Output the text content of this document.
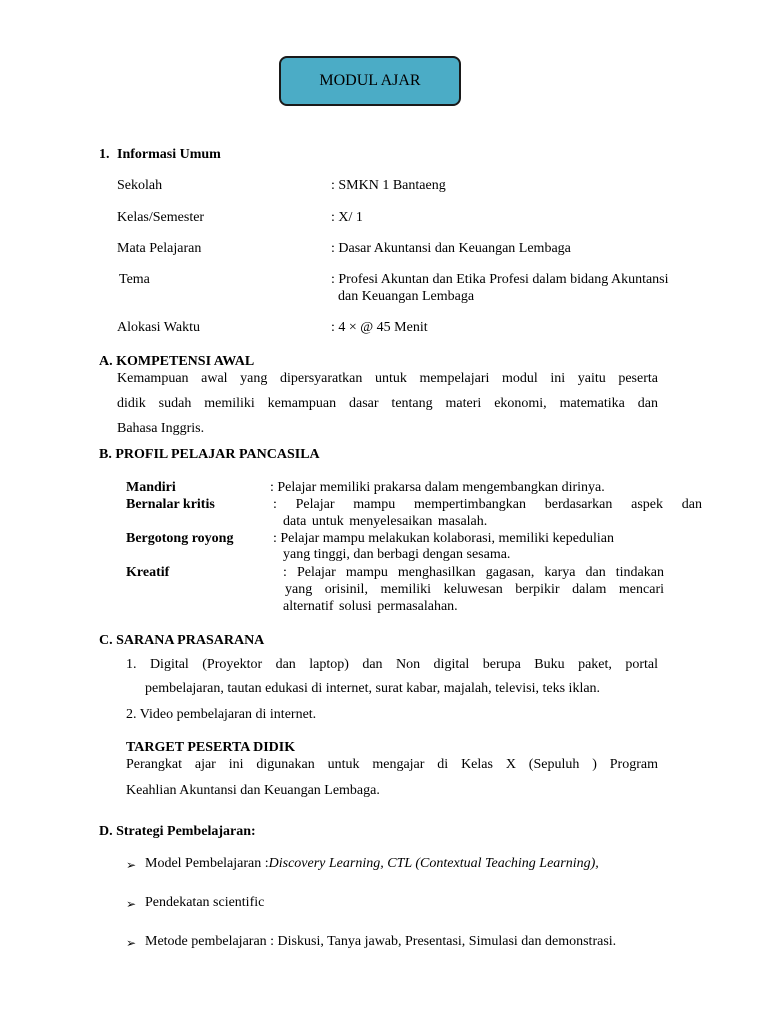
MODUL AJAR
1. Informasi Umum
Sekolah	: SMKN 1 Bantaeng
Kelas/Semester	: X/ 1
Mata Pelajaran	: Dasar Akuntansi dan Keuangan Lembaga
Tema	: Profesi Akuntan dan Etika Profesi dalam bidang Akuntansi
dan Keuangan Lembaga
Alokasi Waktu	: 4 × @ 45 Menit
A. KOMPETENSI AWAL
Kemampuan awal yang dipersyaratkan untuk mempelajari modul ini yaitu peserta
didik sudah memiliki kemampuan dasar tentang materi ekonomi, matematika dan
Bahasa Inggris.
B. PROFIL PELAJAR PANCASILA
Mandiri	: Pelajar memiliki prakarsa dalam mengembangkan dirinya.
Bernalar kritis	: Pelajar mampu mempertimbangkan berdasarkan aspek dan
data untuk menyelesaikan masalah.
Bergotong royong	: Pelajar mampu melakukan kolaborasi, memiliki kepedulian
yang tinggi, dan berbagi dengan sesama.
Kreatif	: Pelajar mampu menghasilkan gagasan, karya dan tindakan
yang orisinil, memiliki keluwesan berpikir dalam mencari
alternatif solusi permasalahan.
C. SARANA PRASARANA
1. Digital (Proyektor dan laptop) dan Non digital berupa Buku paket, portal
pembelajaran, tautan edukasi di internet, surat kabar, majalah, televisi, teks iklan.
2. Video pembelajaran di internet.
TARGET PESERTA DIDIK
Perangkat ajar ini digunakan untuk mengajar di Kelas X (Sepuluh ) Program
Keahlian Akuntansi dan Keuangan Lembaga.
D. Strategi Pembelajaran:
➢ Model Pembelajaran :Discovery Learning, CTL (Contextual Teaching Learning),
➢ Pendekatan scientific
➢ Metode pembelajaran : Diskusi, Tanya jawab, Presentasi, Simulasi dan demonstrasi.
